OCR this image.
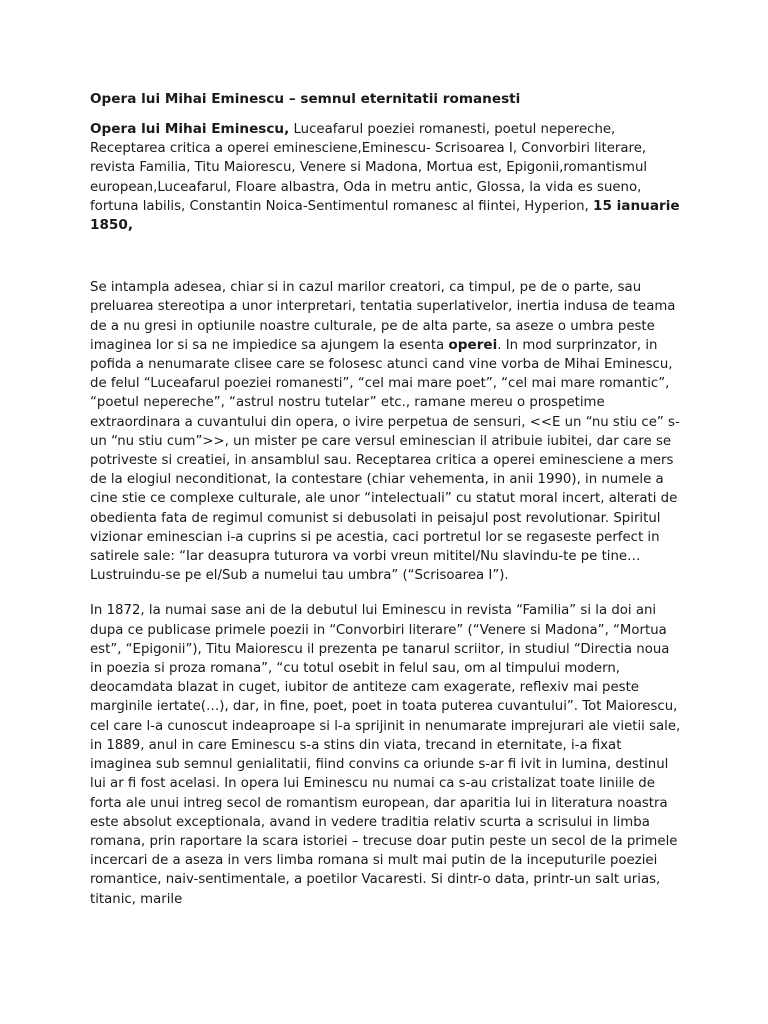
Opera lui Mihai Eminescu – semnul eternitatii romanesti

Opera lui Mihai Eminescu, Luceafarul poeziei romanesti, poetul nepereche, Receptarea critica a operei eminesciene,Eminescu- Scrisoarea I, Convorbiri literare, revista Familia, Titu Maiorescu, Venere si Madona, Mortua est, Epigonii,romantismul european,Luceafarul, Floare albastra, Oda in metru antic, Glossa, la vida es sueno, fortuna labilis, Constantin Noica-Sentimentul romanesc al fiintei, Hyperion, 15 ianuarie 1850,

Se intampla adesea, chiar si in cazul marilor creatori, ca timpul, pe de o parte, sau preluarea stereotipa a unor interpretari, tentatia superlativelor, inertia indusa de teama de a nu gresi in optiunile noastre culturale, pe de alta parte, sa aseze o umbra peste imaginea lor si sa ne impiedice sa ajungem la esenta operei. In mod surprinzator, in pofida a nenumarate clisee care se folosesc atunci cand vine vorba de Mihai Eminescu, de felul “Luceafarul poeziei romanesti”, “cel mai mare poet”, “cel mai mare romantic”, “poetul nepereche”, “astrul nostru tutelar” etc., ramane mereu o prospetime extraordinara a cuvantului din opera, o ivire perpetua de sensuri, <<E un “nu stiu ce” s-un “nu stiu cum”>>, un mister pe care versul eminescian il atribuie iubitei, dar care se potriveste si creatiei, in ansamblul sau. Receptarea critica a operei eminesciene a mers de la elogiul neconditionat, la contestare (chiar vehementa, in anii 1990), in numele a cine stie ce complexe culturale, ale unor “intelectuali” cu statut moral incert, alterati de obedienta fata de regimul comunist si debusolati in peisajul post revolutionar. Spiritul vizionar eminescian i-a cuprins si pe acestia, caci portretul lor se regaseste perfect in satirele sale: “Iar deasupra tuturora va vorbi vreun mititel/Nu slavindu-te pe tine… Lustruindu-se pe el/Sub a numelui tau umbra” (“Scrisoarea I”).

In 1872, la numai sase ani de la debutul lui Eminescu in revista “Familia” si la doi ani dupa ce publicase primele poezii in “Convorbiri literare” (“Venere si Madona”, “Mortua est”, “Epigonii”), Titu Maiorescu il prezenta pe tanarul scriitor, in studiul “Directia noua in poezia si proza romana”, “cu totul osebit in felul sau, om al timpului modern, deocamdata blazat in cuget, iubitor de antiteze cam exagerate, reflexiv mai peste marginile iertate(…), dar, in fine, poet, poet in toata puterea cuvantului”. Tot Maiorescu, cel care l-a cunoscut indeaproape si l-a sprijinit in nenumarate imprejurari ale vietii sale, in 1889, anul in care Eminescu s-a stins din viata, trecand in eternitate, i-a fixat imaginea sub semnul genialitatii, fiind convins ca oriunde s-ar fi ivit in lumina, destinul lui ar fi fost acelasi. In opera lui Eminescu nu numai ca s-au cristalizat toate liniile de forta ale unui intreg secol de romantism european, dar aparitia lui in literatura noastra este absolut exceptionala, avand in vedere traditia relativ scurta a scrisului in limba romana, prin raportare la scara istoriei – trecuse doar putin peste un secol de la primele incercari de a aseza in vers limba romana si mult mai putin de la inceputurile poeziei romantice, naiv-sentimentale, a poetilor Vacaresti. Si dintr-o data, printr-un salt urias, titanic, marile
